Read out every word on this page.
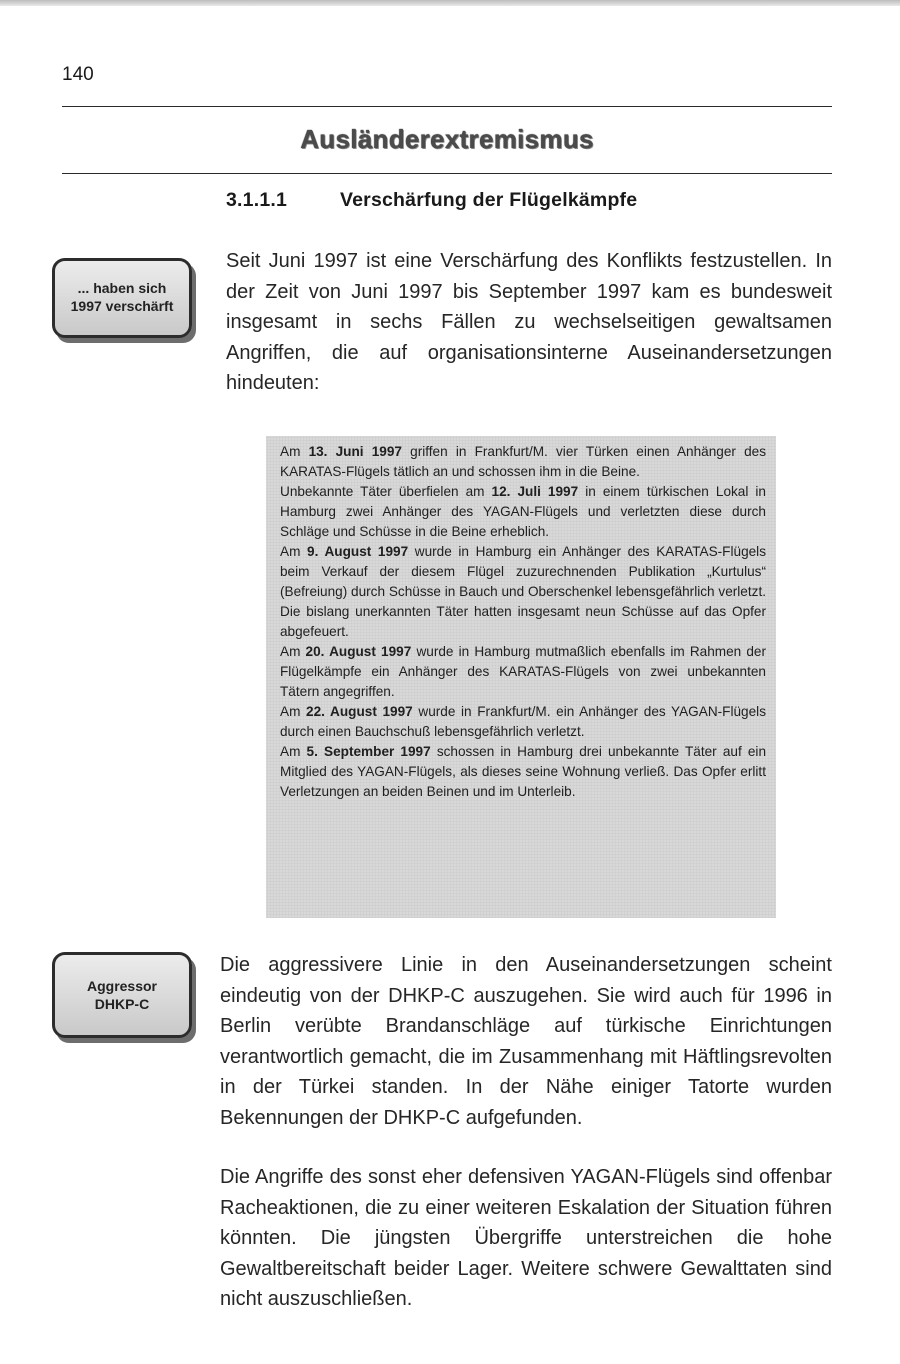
140
Ausländerextremismus
3.1.1.1	Verschärfung der Flügelkämpfe
... haben sich
1997 verschärft
Seit Juni 1997 ist eine Verschärfung des Konflikts festzustellen. In der Zeit von Juni 1997 bis September 1997 kam es bundesweit insgesamt in sechs Fällen zu wechselseitigen gewaltsamen Angriffen, die auf organisationsinterne Auseinandersetzungen hindeuten:
Am 13. Juni 1997 griffen in Frankfurt/M. vier Türken einen Anhänger des KARATAS-Flügels tätlich an und schossen ihm in die Beine.
Unbekannte Täter überfielen am 12. Juli 1997 in einem türkischen Lokal in Hamburg zwei Anhänger des YAGAN-Flügels und verletzten diese durch Schläge und Schüsse in die Beine erheblich.
Am 9. August 1997 wurde in Hamburg ein Anhänger des KARATAS-Flügels beim Verkauf der diesem Flügel zuzurechnenden Publikation „Kurtulus“ (Befreiung) durch Schüsse in Bauch und Oberschenkel lebensgefährlich verletzt. Die bislang unerkannten Täter hatten insgesamt neun Schüsse auf das Opfer abgefeuert.
Am 20. August 1997 wurde in Hamburg mutmaßlich ebenfalls im Rahmen der Flügelkämpfe ein Anhänger des KARATAS-Flügels von zwei unbekannten Tätern angegriffen.
Am 22. August 1997 wurde in Frankfurt/M. ein Anhänger des YAGAN-Flügels durch einen Bauchschuß lebensgefährlich verletzt.
Am 5. September 1997 schossen in Hamburg drei unbekannte Täter auf ein Mitglied des YAGAN-Flügels, als dieses seine Wohnung verließ. Das Opfer erlitt Verletzungen an beiden Beinen und im Unterleib.
Aggressor
DHKP-C
Die aggressivere Linie in den Auseinandersetzungen scheint eindeutig von der DHKP-C auszugehen. Sie wird auch für 1996 in Berlin verübte Brandanschläge auf türkische Einrichtungen verantwortlich gemacht, die im Zusammenhang mit Häftlingsrevolten in der Türkei standen. In der Nähe einiger Tatorte wurden Bekennungen der DHKP-C aufgefunden.
Die Angriffe des sonst eher defensiven YAGAN-Flügels sind offenbar Racheaktionen, die zu einer weiteren Eskalation der Situation führen könnten. Die jüngsten Übergriffe unterstreichen die hohe Gewaltbereitschaft beider Lager. Weitere schwere Gewalttaten sind nicht auszuschließen.
